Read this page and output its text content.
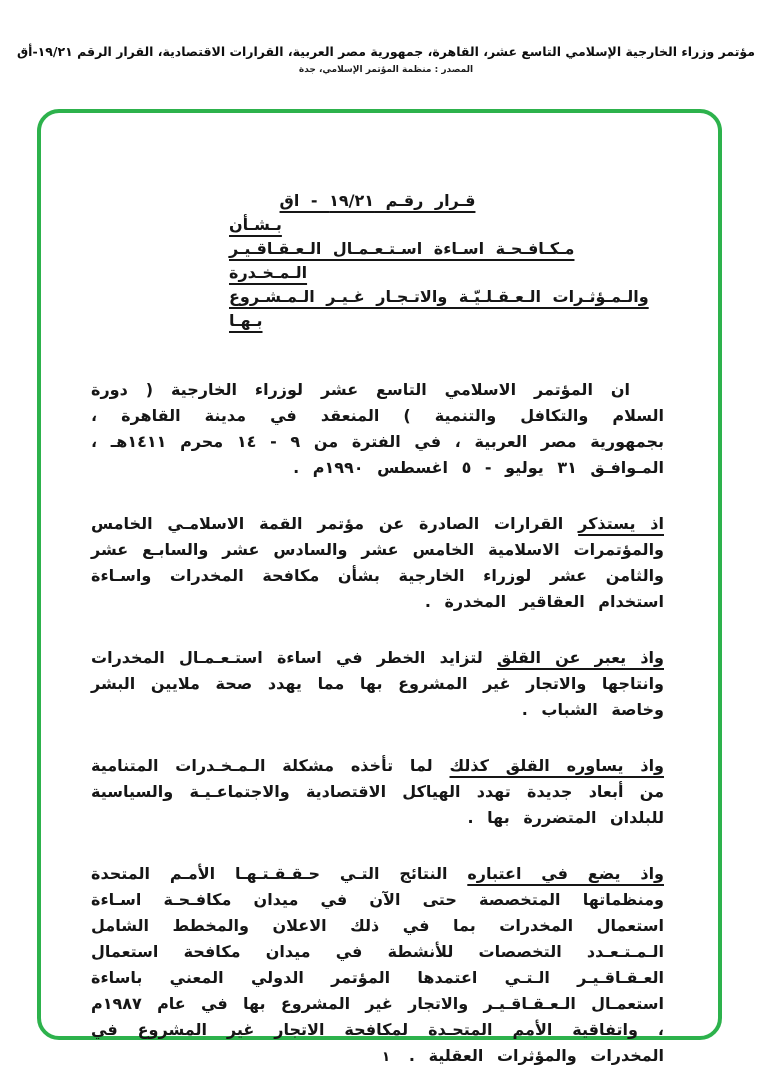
مؤتمر وزراء الخارجية الإسلامي التاسع عشر، القاهرة، جمهورية مصر العربية، القرارات الاقتصادية، القرار الرقم ١٩/٢١-أق
المصدر : منظمة المؤتمر الإسلامي، جدة
قـرار رقـم ١٩/٢١ - اق
بـشـأن
مـكـافـحـة اسـاءة اسـتـعـمـال الـعـقـاقـيـر الـمـخـدرة
والـمـؤثـرات الـعـقـلـيّـة والاتـجـار غـيـر الـمـشـروع بـهـا

ان المؤتمر الاسلامي التاسع عشر لوزراء الخارجية ( دورة السلام والتكافل والتنمية ) المنعقد في مدينة القاهرة ، بجمهورية مصر العربية ، في الفترة من ٩ - ١٤ محرم ١٤١١هـ ، المـوافـق ٣١ يوليو - ٥ اغسطس ١٩٩٠م .

اذ يستذكر القرارات الصادرة عن مؤتمر القمة الاسلامـي الخامس والمؤتمرات الاسلامية الخامس عشر والسادس عشر والسابـع عشر والثامن عشر لوزراء الخارجية بشأن مكافحة المخدرات واسـاءة استخدام العقاقير المخدرة .

واذ يعبر عن القلق لتزايد الخطر في اساءة استـعـمـال المخدرات وانتاجها والاتجار غير المشروع بها مما يهدد صحة ملايين البشر وخاصة الشباب .

واذ يساوره القلق كذلك لما تأخذه مشكلة الـمـخـدرات المتنامية من أبعاد جديدة تهدد الهياكل الاقتصادية والاجتماعـيـة والسياسية للبلدان المتضررة بها .

واذ يضع في اعتباره النتائج التـي حـقـقـتـهـا الأمـم المتحدة ومنظماتها المتخصصة حتى الآن في ميدان مكافـحـة اسـاءة استعمال المخدرات بما في ذلك الاعلان والمخطط الشامل الـمـتـعـدد التخصصات للأنشطة في ميدان مكافحة استعمال العـقـاقـيـر الـتـي اعتمدها المؤتمر الدولي المعني باساءة استعمـال الـعـقـاقـيـر والاتجار غير المشروع بها في عام ١٩٨٧م ، واتفاقية الأمم المتحـدة لمكافحة الاتجار غير المشروع في المخدرات والمؤثرات العقلية .

١
